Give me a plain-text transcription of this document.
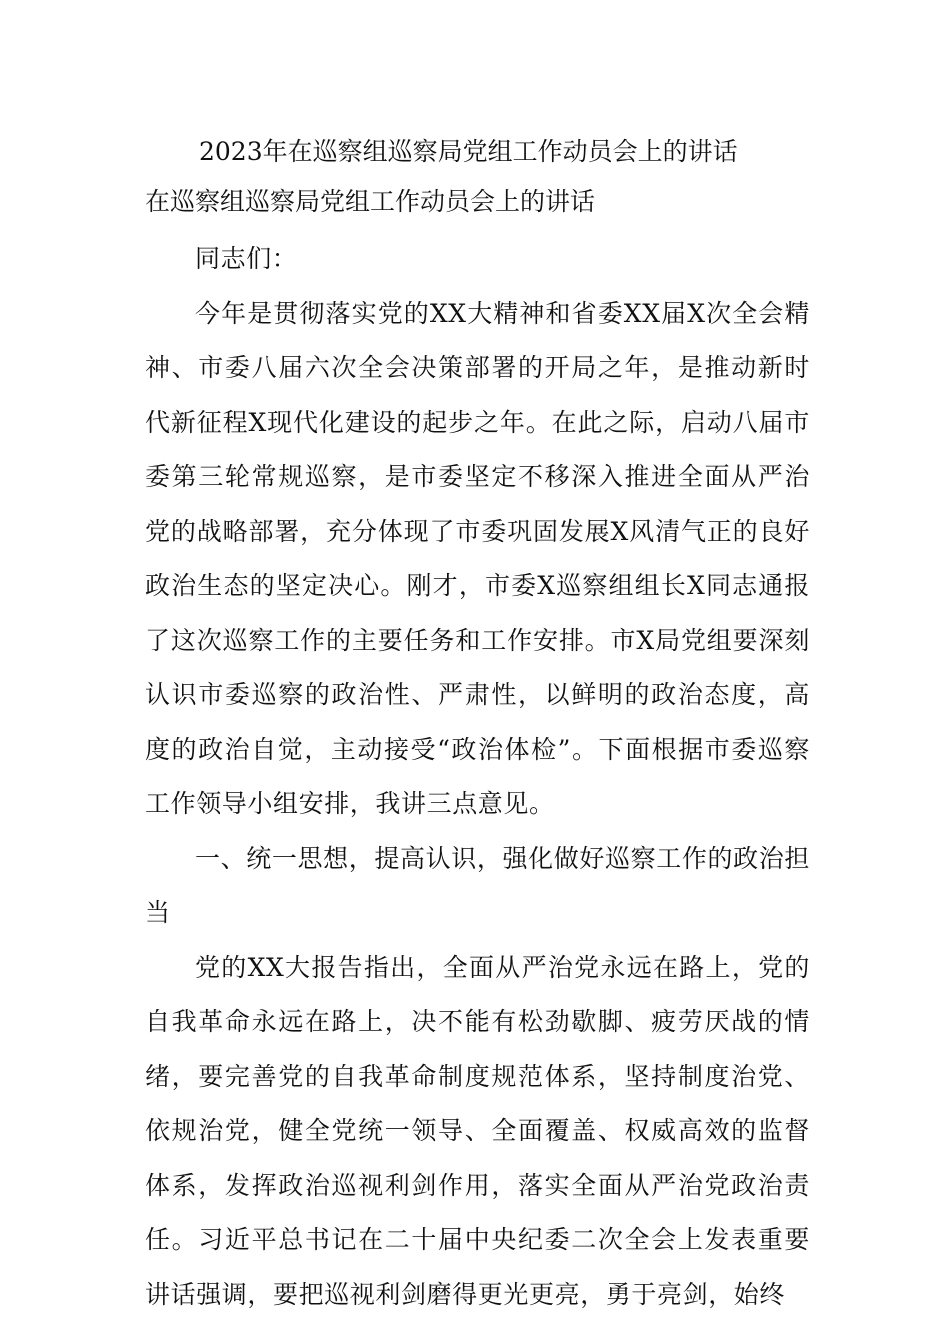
2023年在巡察组巡察局党组工作动员会上的讲话
在巡察组巡察局党组工作动员会上的讲话

同志们：

今年是贯彻落实党的XX大精神和省委XX届X次全会精神、市委八届六次全会决策部署的开局之年，是推动新时代新征程X现代化建设的起步之年。在此之际，启动八届市委第三轮常规巡察，是市委坚定不移深入推进全面从严治党的战略部署，充分体现了市委巩固发展X风清气正的良好政治生态的坚定决心。刚才，市委X巡察组组长X同志通报了这次巡察工作的主要任务和工作安排。市X局党组要深刻认识市委巡察的政治性、严肃性，以鲜明的政治态度，高度的政治自觉，主动接受“政治体检”。下面根据市委巡察工作领导小组安排，我讲三点意见。

一、统一思想，提高认识，强化做好巡察工作的政治担当

党的XX大报告指出，全面从严治党永远在路上，党的自我革命永远在路上，决不能有松劲歇脚、疲劳厌战的情绪，要完善党的自我革命制度规范体系，坚持制度治党、依规治党，健全党统一领导、全面覆盖、权威高效的监督体系，发挥政治巡视利剑作用，落实全面从严治党政治责任。习近平总书记在二十届中央纪委二次全会上发表重要讲话强调，要把巡视利剑磨得更光更亮，勇于亮剑，始终
